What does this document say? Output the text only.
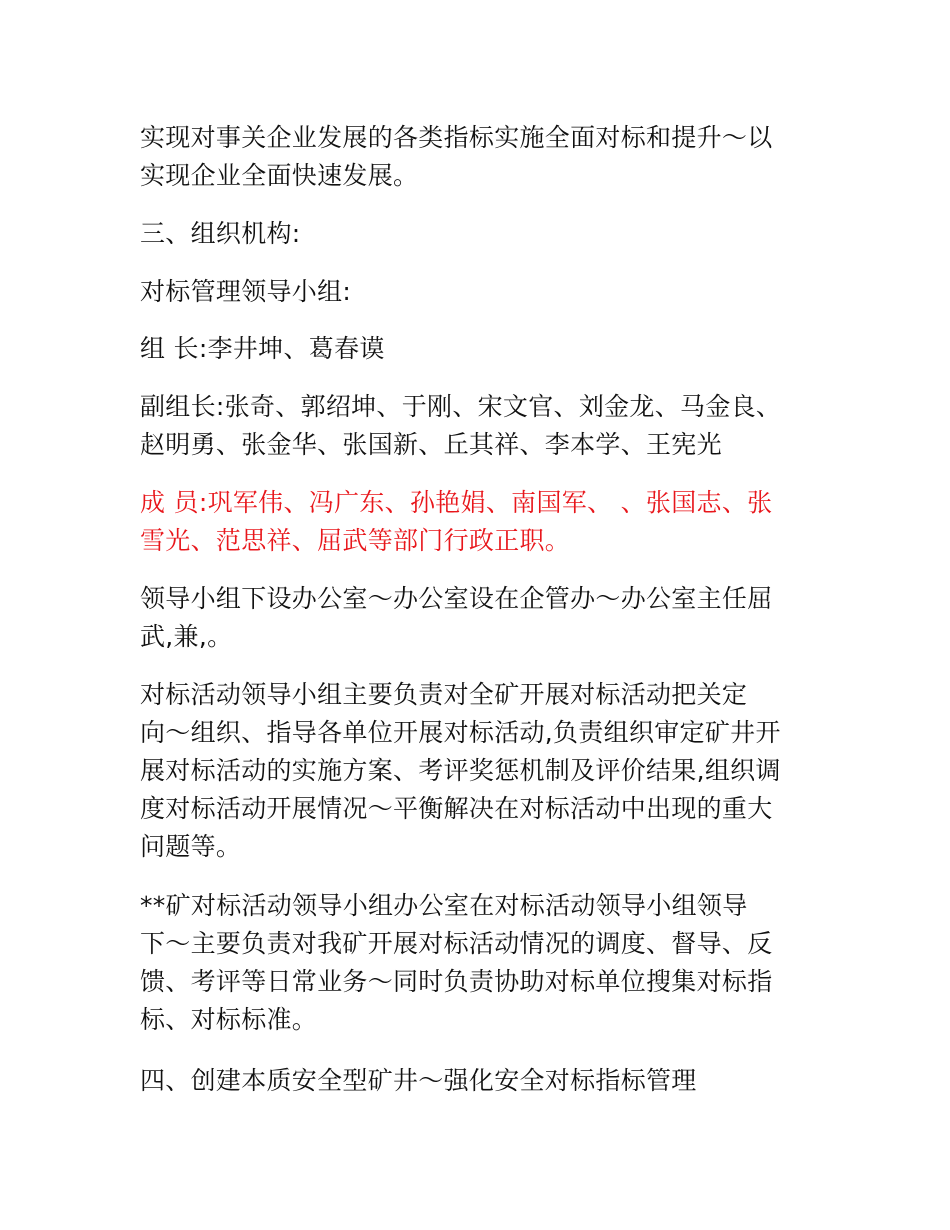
实现对事关企业发展的各类指标实施全面对标和提升～以
实现企业全面快速发展。
三、组织机构:
对标管理领导小组:
组 长:李井坤、葛春谟
副组长:张奇、郭绍坤、于刚、宋文官、刘金龙、马金良、
赵明勇、张金华、张国新、丘其祥、李本学、王宪光
成 员:巩军伟、冯广东、孙艳娟、南国军、 、张国志、张
雪光、范思祥、屈武等部门行政正职。
领导小组下设办公室～办公室设在企管办～办公室主任屈
武,兼,。
对标活动领导小组主要负责对全矿开展对标活动把关定
向～组织、指导各单位开展对标活动,负责组织审定矿井开
展对标活动的实施方案、考评奖惩机制及评价结果,组织调
度对标活动开展情况～平衡解决在对标活动中出现的重大
问题等。
**矿对标活动领导小组办公室在对标活动领导小组领导
下～主要负责对我矿开展对标活动情况的调度、督导、反
馈、考评等日常业务～同时负责协助对标单位搜集对标指
标、对标标准。
四、创建本质安全型矿井～强化安全对标指标管理
